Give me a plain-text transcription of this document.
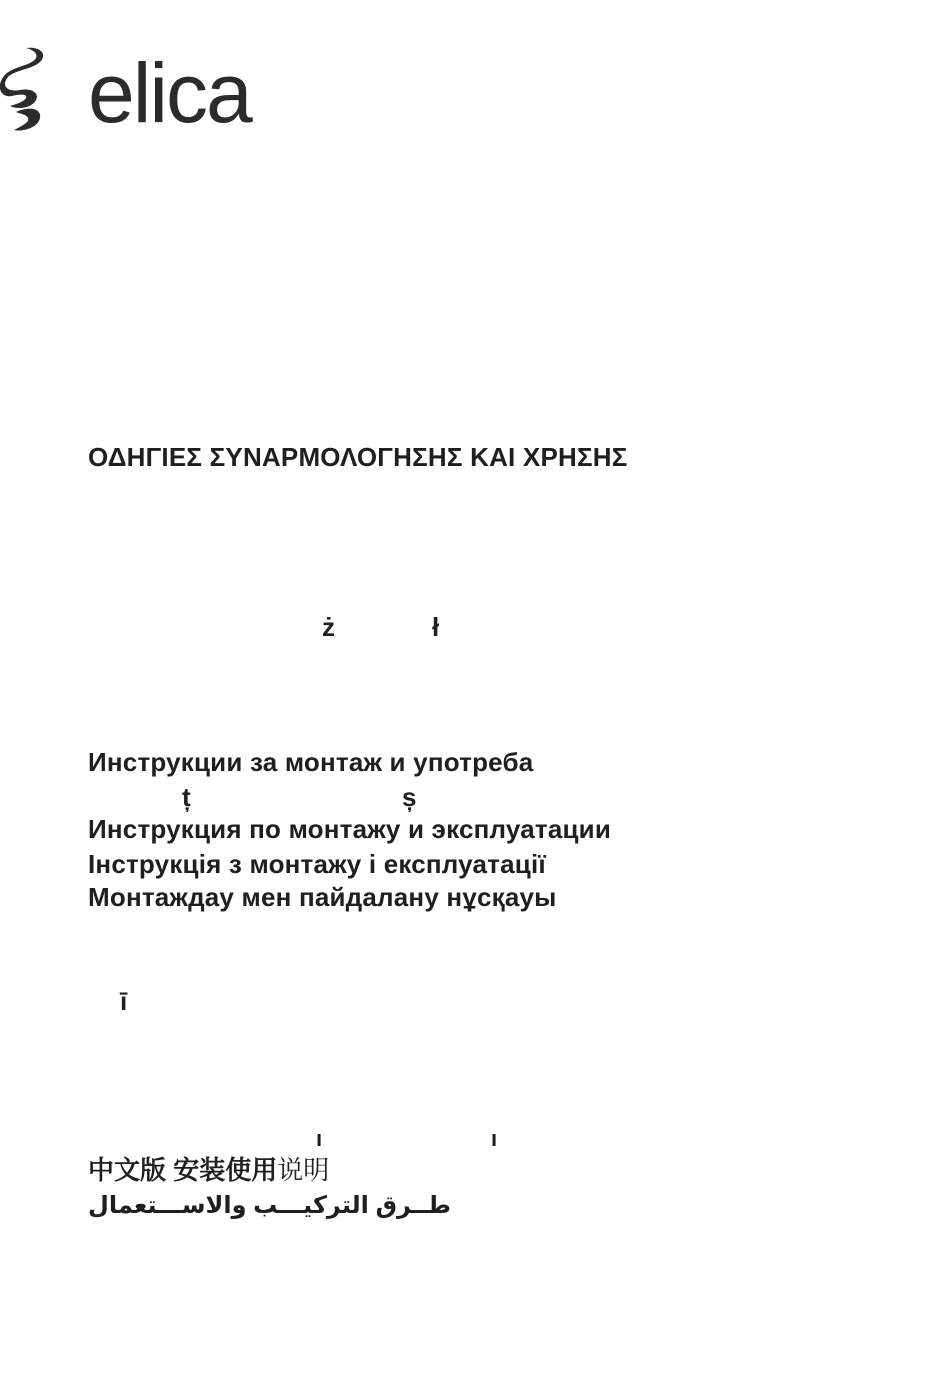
elica
ΟΔΗΓΙΕΣ ΣΥΝΑΡΜΟΛΟΓΗΣΗΣ ΚΑΙ ΧΡΗΣΗΣ
ż	ł
Инструкции за монтаж и употреба
ț	ș
Инструкция по монтажу и эксплуатации
Інструкція з монтажу і експлуатації
Монтаждау мен пайдалану нұсқауы
ī
ı	ı
中文版 安装使用说明
طــرق التركيـــب والاســـتعمال
